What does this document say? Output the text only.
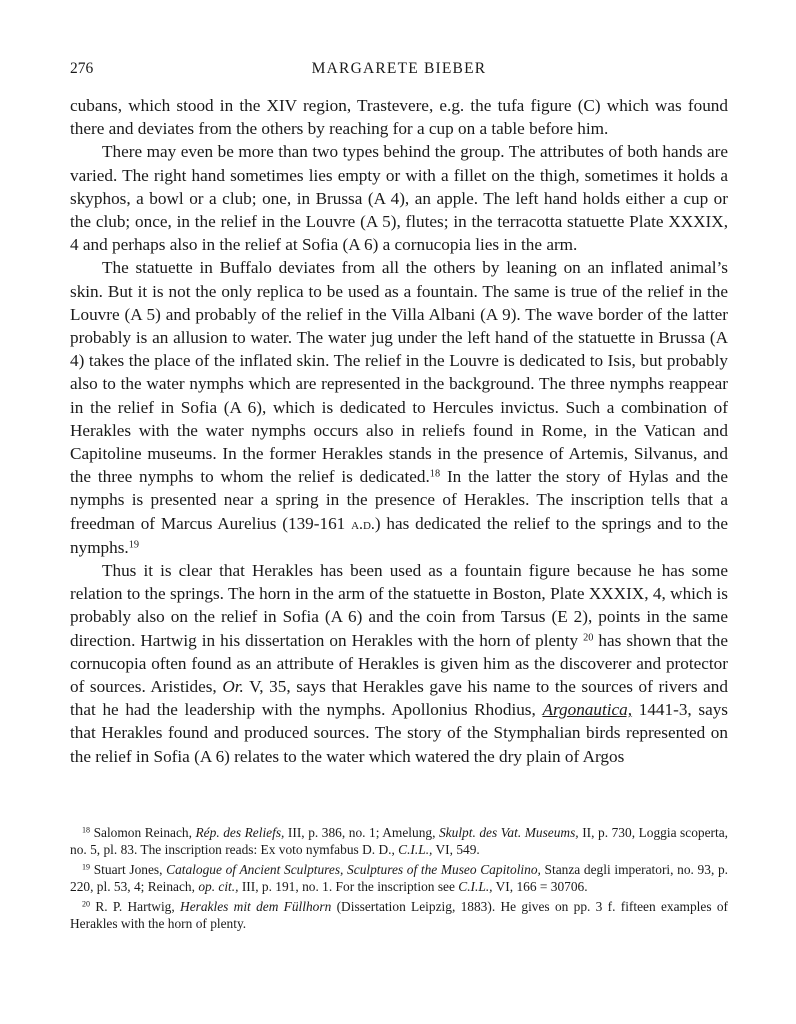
276	MARGARETE BIEBER

cubans, which stood in the XIV region, Trastevere, e.g. the tufa figure (C) which was found there and deviates from the others by reaching for a cup on a table before him.

There may even be more than two types behind the group. The attributes of both hands are varied. The right hand sometimes lies empty or with a fillet on the thigh, sometimes it holds a skyphos, a bowl or a club; one, in Brussa (A 4), an apple. The left hand holds either a cup or the club; once, in the relief in the Louvre (A 5), flutes; in the terracotta statuette Plate XXXIX, 4 and perhaps also in the relief at Sofia (A 6) a cornucopia lies in the arm.

The statuette in Buffalo deviates from all the others by leaning on an inflated animal’s skin. But it is not the only replica to be used as a fountain. The same is true of the relief in the Louvre (A 5) and probably of the relief in the Villa Albani (A 9). The wave border of the latter probably is an allusion to water. The water jug under the left hand of the statuette in Brussa (A 4) takes the place of the inflated skin. The relief in the Louvre is dedicated to Isis, but probably also to the water nymphs which are represented in the background. The three nymphs reappear in the relief in Sofia (A 6), which is dedicated to Hercules invictus. Such a combination of Herakles with the water nymphs occurs also in reliefs found in Rome, in the Vatican and Capitoline museums. In the former Herakles stands in the presence of Artemis, Silvanus, and the three nymphs to whom the relief is dedicated.$^{18}$ In the latter the story of Hylas and the nymphs is presented near a spring in the presence of Herakles. The inscription tells that a freedman of Marcus Aurelius (139-161 a.d.) has dedicated the relief to the springs and to the nymphs.$^{19}$

Thus it is clear that Herakles has been used as a fountain figure because he has some relation to the springs. The horn in the arm of the statuette in Boston, Plate XXXIX, 4, which is probably also on the relief in Sofia (A 6) and the coin from Tarsus (E 2), points in the same direction. Hartwig in his dissertation on Herakles with the horn of plenty $^{20}$ has shown that the cornucopia often found as an attribute of Herakles is given him as the discoverer and protector of sources. Aristides, Or. V, 35, says that Herakles gave his name to the sources of rivers and that he had the leadership with the nymphs. Apollonius Rhodius, Argonautica, 1441-3, says that Herakles found and produced sources. The story of the Stymphalian birds represented on the relief in Sofia (A 6) relates to the water which watered the dry plain of Argos

$^{18}$ Salomon Reinach, Rép. des Reliefs, III, p. 386, no. 1; Amelung, Skulpt. des Vat. Museums, II, p. 730, Loggia scoperta, no. 5, pl. 83. The inscription reads: Ex voto nymfabus D. D., C.I.L., VI, 549.

$^{19}$ Stuart Jones, Catalogue of Ancient Sculptures, Sculptures of the Museo Capitolino, Stanza degli imperatori, no. 93, p. 220, pl. 53, 4; Reinach, op. cit., III, p. 191, no. 1. For the inscription see C.I.L., VI, 166 = 30706.

$^{20}$ R. P. Hartwig, Herakles mit dem Füllhorn (Dissertation Leipzig, 1883). He gives on pp. 3 f. fifteen examples of Herakles with the horn of plenty.
